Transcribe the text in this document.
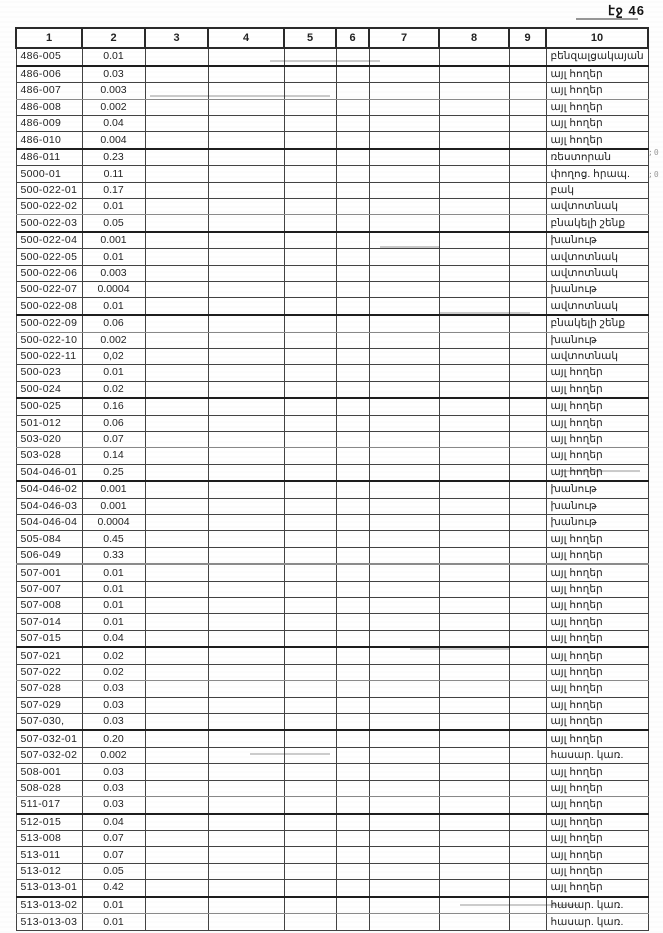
էջ 46
1	2	3	4	5	6	7	8	9	10
486-005	0.01								բենզալցակայան
486-006	0.03								այլ հողեր
486-007	0.003								այլ հողեր
486-008	0.002								այլ հողեր
486-009	0.04								այլ հողեր
486-010	0.004								այլ հողեր
486-011	0.23								ռեստորան
5000-01	0.11								փողոց. հրապ.
500-022-01	0.17								բակ
500-022-02	0.01								ավտոտնակ
500-022-03	0.05								բնակելի շենք
500-022-04	0.001								խանութ
500-022-05	0.01								ավտոտնակ
500-022-06	0.003								ավտոտնակ
500-022-07	0.0004								խանութ
500-022-08	0.01								ավտոտնակ
500-022-09	0.06								բնակելի շենք
500-022-10	0.002								խանութ
500-022-11	0,02								ավտոտնակ
500-023	0.01								այլ հողեր
500-024	0.02								այլ հողեր
500-025	0.16								այլ հողեր
501-012	0.06								այլ հողեր
503-020	0.07								այլ հողեր
503-028	0.14								այլ հողեր
504-046-01	0.25								այլ հողեր
504-046-02	0.001								խանութ
504-046-03	0.001								խանութ
504-046-04	0.0004								խանութ
505-084	0.45								այլ հողեր
506-049	0.33								այլ հողեր
507-001	0.01								այլ հողեր
507-007	0.01								այլ հողեր
507-008	0.01								այլ հողեր
507-014	0.01								այլ հողեր
507-015	0.04								այլ հողեր
507-021	0.02								այլ հողեր
507-022	0.02								այլ հողեր
507-028	0.03								այլ հողեր
507-029	0.03								այլ հողեր
507-030,	0.03								այլ հողեր
507-032-01	0.20								այլ հողեր
507-032-02	0.002								հասար. կառ.
508-001	0.03								այլ հողեր
508-028	0.03								այլ հողեր
511-017	0.03								այլ հողեր
512-015	0.04								այլ հողեր
513-008	0.07								այլ հողեր
513-011	0.07								այլ հողեր
513-012	0.05								այլ հողեր
513-013-01	0.42								այլ հողեր
513-013-02	0.01								հասար. կառ.
513-013-03	0.01								հասար. կառ.
;0
;0
